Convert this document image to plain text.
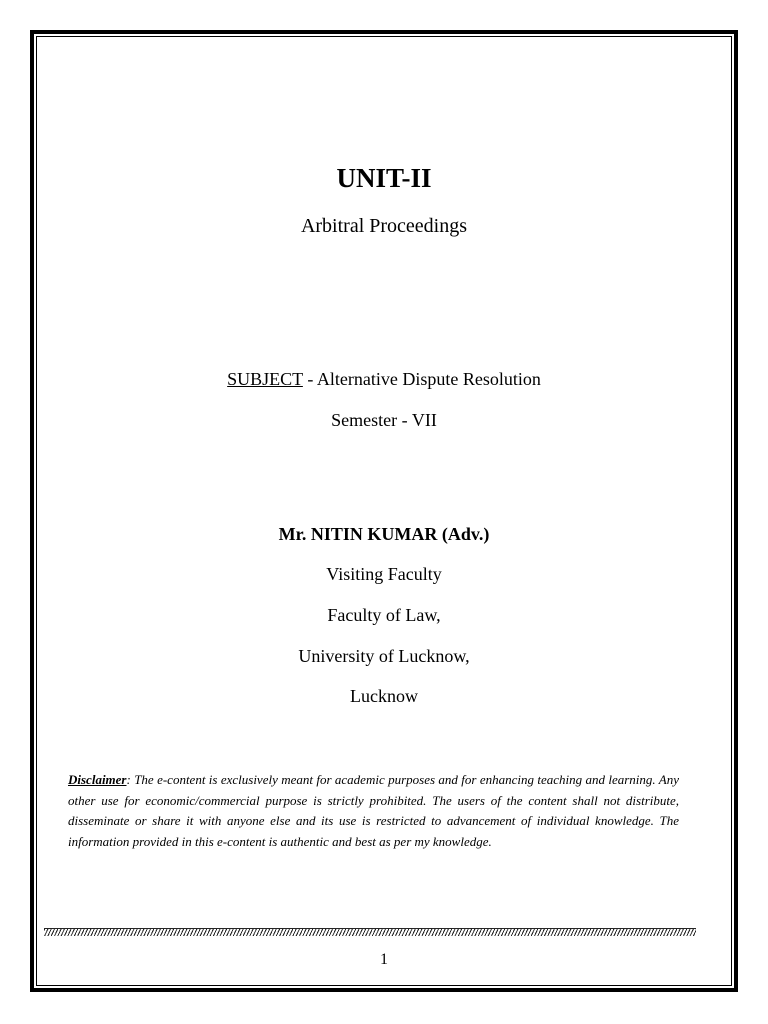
UNIT-II
Arbitral Proceedings
SUBJECT - Alternative Dispute Resolution
Semester - VII
Mr. NITIN KUMAR (Adv.)
Visiting Faculty
Faculty of Law,
University of Lucknow,
Lucknow
Disclaimer: The e-content is exclusively meant for academic purposes and for enhancing teaching and learning. Any other use for economic/commercial purpose is strictly prohibited. The users of the content shall not distribute, disseminate or share it with anyone else and its use is restricted to advancement of individual knowledge. The information provided in this e-content is authentic and best as per my knowledge.
1
